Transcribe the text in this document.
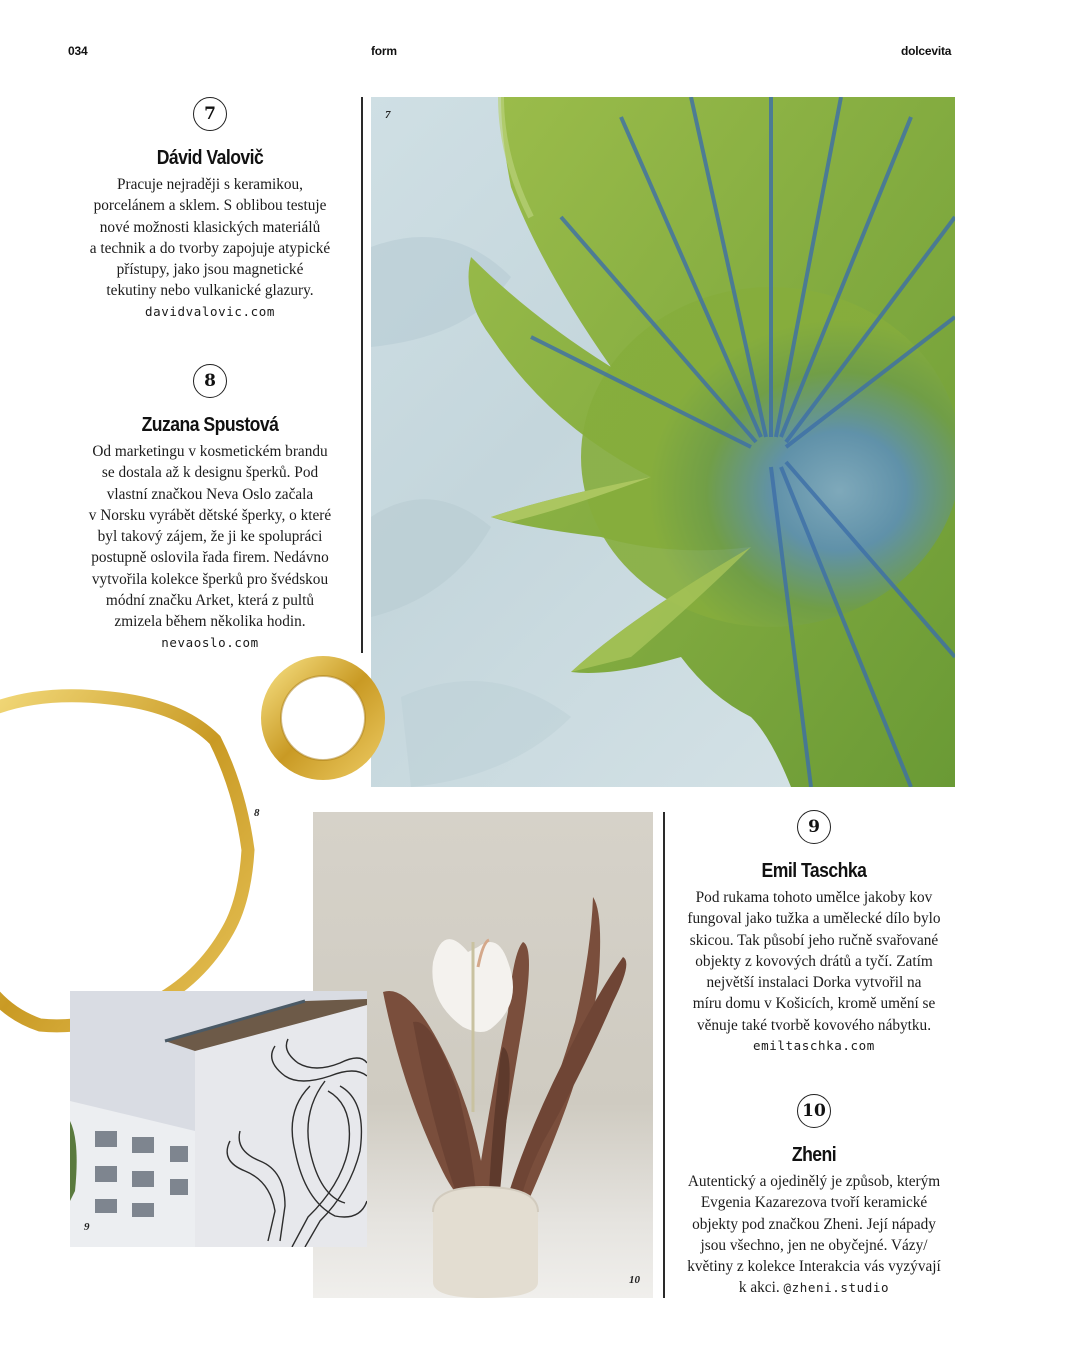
034	form	dolcevita
7
8
10
9
7
Dávid Valovič
Pracuje nejraději s keramikou,
porcelánem a sklem. S oblibou testuje
nové možnosti klasických materiálů
a technik a do tvorby zapojuje atypické
přístupy, jako jsou magnetické
tekutiny nebo vulkanické glazury.
davidvalovic.com
8
Zuzana Spustová
Od marketingu v kosmetickém brandu
se dostala až k designu šperků. Pod
vlastní značkou Neva Oslo začala
v Norsku vyrábět dětské šperky, o které
byl takový zájem, že ji ke spolupráci
postupně oslovila řada firem. Nedávno
vytvořila kolekce šperků pro švédskou
módní značku Arket, která z pultů
zmizela během několika hodin.
nevaoslo.com
9
Emil Taschka
Pod rukama tohoto umělce jakoby kov
fungoval jako tužka a umělecké dílo bylo
skicou. Tak působí jeho ručně svařované
objekty z kovových drátů a tyčí. Zatím
největší instalaci Dorka vytvořil na
míru domu v Košicích, kromě umění se
věnuje také tvorbě kovového nábytku.
emiltaschka.com
10
Zheni
Autentický a ojedinělý je způsob, kterým
Evgenia Kazarezova tvoří keramické
objekty pod značkou Zheni. Její nápady
jsou všechno, jen ne obyčejné. Vázy/
květiny z kolekce Interakcia vás vyzývají
k akci. @zheni.studio
